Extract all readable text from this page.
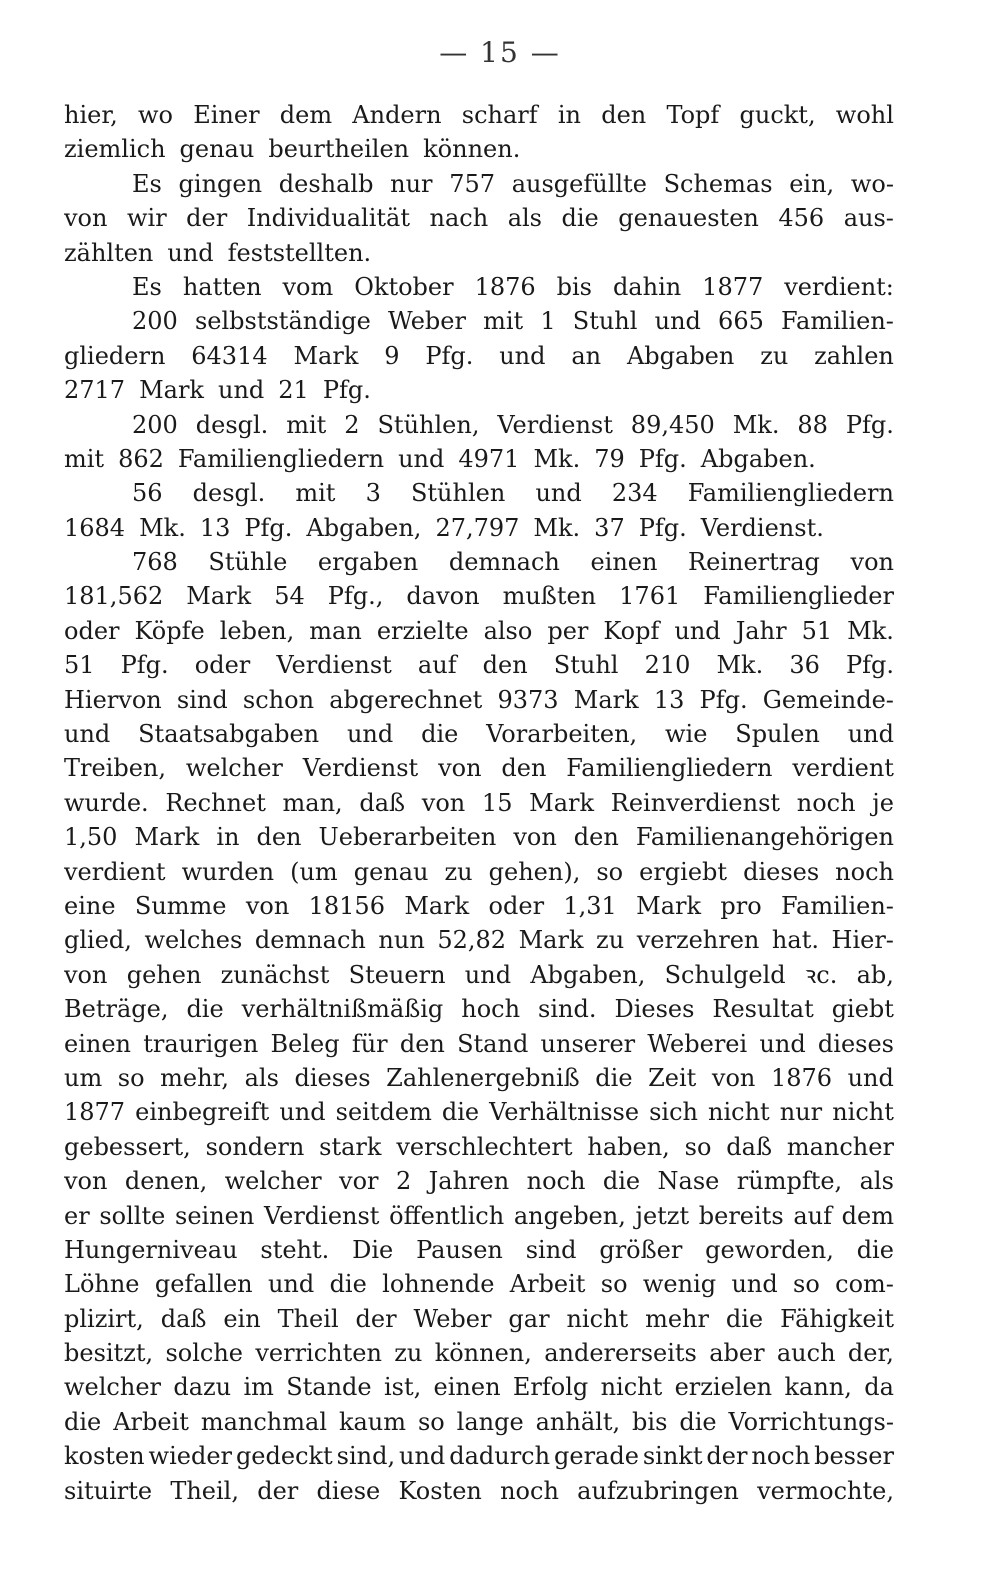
— 15 —
hier, wo Einer dem Andern scharf in den Topf guckt, wohl
ziemlich genau beurtheilen können.
Es gingen deshalb nur 757 ausgefüllte Schemas ein, wo-
von wir der Individualität nach als die genauesten 456 aus-
zählten und feststellten.
Es hatten vom Oktober 1876 bis dahin 1877 verdient:
200 selbstständige Weber mit 1 Stuhl und 665 Familien-
gliedern 64314 Mark 9 Pfg. und an Abgaben zu zahlen
2717 Mark und 21 Pfg.
200 desgl. mit 2 Stühlen, Verdienst 89,450 Mk. 88 Pfg.
mit 862 Familiengliedern und 4971 Mk. 79 Pfg. Abgaben.
56 desgl. mit 3 Stühlen und 234 Familiengliedern
1684 Mk. 13 Pfg. Abgaben, 27,797 Mk. 37 Pfg. Verdienst.
768 Stühle ergaben demnach einen Reinertrag von
181,562 Mark 54 Pfg., davon mußten 1761 Familienglieder
oder Köpfe leben, man erzielte also per Kopf und Jahr 51 Mk.
51 Pfg. oder Verdienst auf den Stuhl 210 Mk. 36 Pfg.
Hiervon sind schon abgerechnet 9373 Mark 13 Pfg. Gemeinde-
und Staatsabgaben und die Vorarbeiten, wie Spulen und
Treiben, welcher Verdienst von den Familiengliedern verdient
wurde. Rechnet man, daß von 15 Mark Reinverdienst noch je
1,50 Mark in den Ueberarbeiten von den Familienangehörigen
verdient wurden (um genau zu gehen), so ergiebt dieses noch
eine Summe von 18156 Mark oder 1,31 Mark pro Familien-
glied, welches demnach nun 52,82 Mark zu verzehren hat. Hier-
von gehen zunächst Steuern und Abgaben, Schulgeld ꝛc. ab,
Beträge, die verhältnißmäßig hoch sind. Dieses Resultat giebt
einen traurigen Beleg für den Stand unserer Weberei und dieses
um so mehr, als dieses Zahlenergebniß die Zeit von 1876 und
1877 einbegreift und seitdem die Verhältnisse sich nicht nur nicht
gebessert, sondern stark verschlechtert haben, so daß mancher
von denen, welcher vor 2 Jahren noch die Nase rümpfte, als
er sollte seinen Verdienst öffentlich angeben, jetzt bereits auf dem
Hungerniveau steht. Die Pausen sind größer geworden, die
Löhne gefallen und die lohnende Arbeit so wenig und so com-
plizirt, daß ein Theil der Weber gar nicht mehr die Fähigkeit
besitzt, solche verrichten zu können, andererseits aber auch der,
welcher dazu im Stande ist, einen Erfolg nicht erzielen kann, da
die Arbeit manchmal kaum so lange anhält, bis die Vorrichtungs-
kosten wieder gedeckt sind, und dadurch gerade sinkt der noch besser
situirte Theil, der diese Kosten noch aufzubringen vermochte,
